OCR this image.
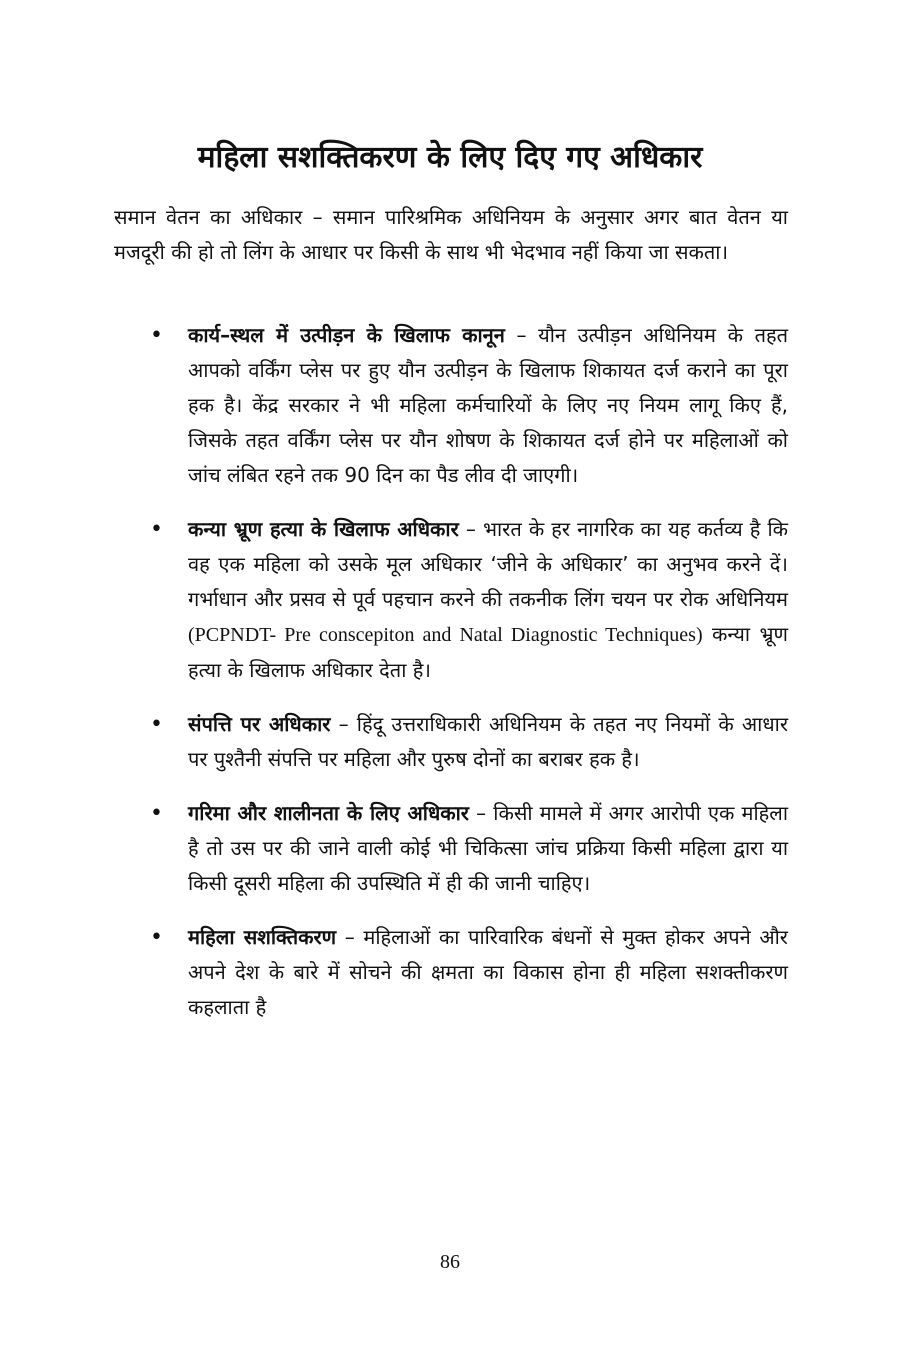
महिला सशक्तिकरण के लिए दिए गए अधिकार

समान वेतन का अधिकार – समान पारिश्रमिक अधिनियम के अनुसार अगर बात वेतन या मजदूरी की हो तो लिंग के आधार पर किसी के साथ भी भेदभाव नहीं किया जा सकता।

• कार्य–स्थल में उत्पीड़न के खिलाफ कानून – यौन उत्पीड़न अधिनियम के तहत आपको वर्किंग प्लेस पर हुए यौन उत्पीड़न के खिलाफ शिकायत दर्ज कराने का पूरा हक है। केंद्र सरकार ने भी महिला कर्मचारियों के लिए नए नियम लागू किए हैं, जिसके तहत वर्किंग प्लेस पर यौन शोषण के शिकायत दर्ज होने पर महिलाओं को जांच लंबित रहने तक 90 दिन का पैड लीव दी जाएगी।
• कन्या भ्रूण हत्या के खिलाफ अधिकार – भारत के हर नागरिक का यह कर्तव्य है कि वह एक महिला को उसके मूल अधिकार ‘जीने के अधिकार’ का अनुभव करने दें। गर्भाधान और प्रसव से पूर्व पहचान करने की तकनीक लिंग चयन पर रोक अधिनियम (PCPNDT- Pre conscepiton and Natal Diagnostic Techniques) कन्या भ्रूण हत्या के खिलाफ अधिकार देता है।
• संपत्ति पर अधिकार – हिंदू उत्तराधिकारी अधिनियम के तहत नए नियमों के आधार पर पुश्तैनी संपत्ति पर महिला और पुरुष दोनों का बराबर हक है।
• गरिमा और शालीनता के लिए अधिकार – किसी मामले में अगर आरोपी एक महिला है तो उस पर की जाने वाली कोई भी चिकित्सा जांच प्रक्रिया किसी महिला द्वारा या किसी दूसरी महिला की उपस्थिति में ही की जानी चाहिए।
• महिला सशक्तिकरण – महिलाओं का पारिवारिक बंधनों से मुक्त होकर अपने और अपने देश के बारे में सोचने की क्षमता का विकास होना ही महिला सशक्तीकरण कहलाता है
86
